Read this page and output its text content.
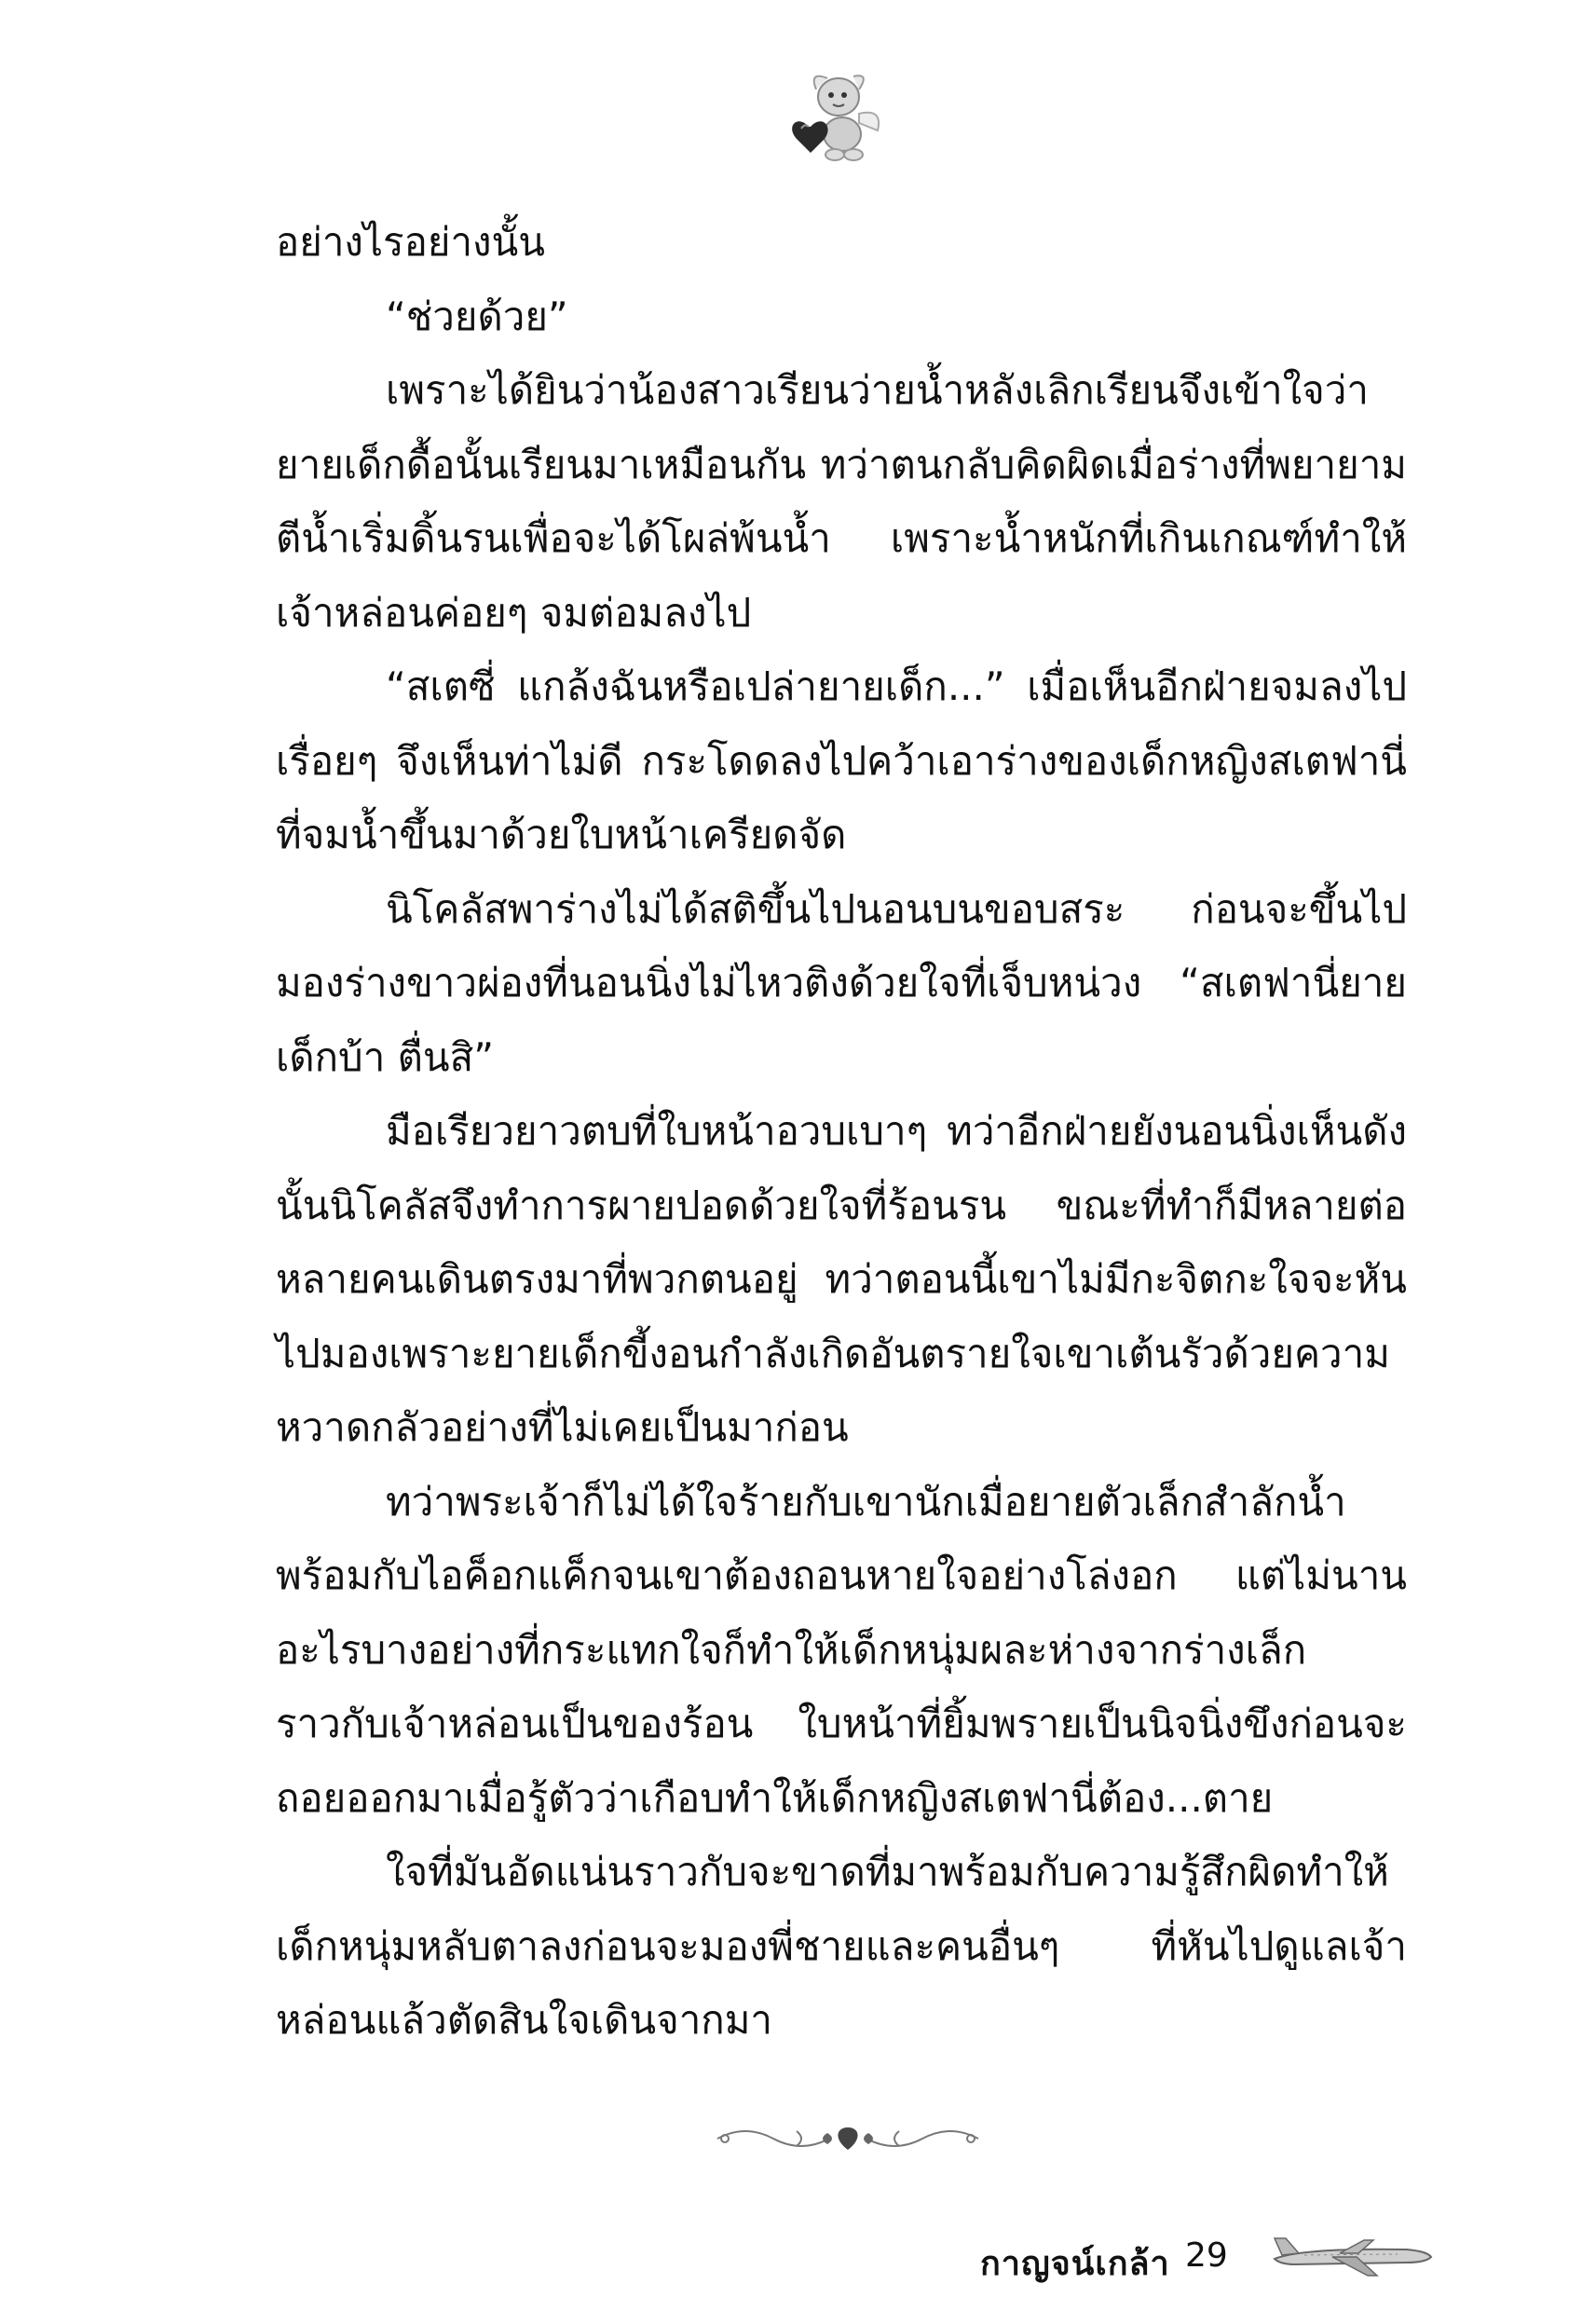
อย่างไรอย่างนั้น

“ช่วยด้วย”

เพราะได้ยินว่าน้องสาวเรียนว่ายน้ำหลังเลิกเรียนจึงเข้าใจว่ายายเด็กดื้อนั้นเรียนมาเหมือนกัน ทว่าตนกลับคิดผิดเมื่อร่างที่พยายามตีน้ำเริ่มดิ้นรนเพื่อจะได้โผล่พ้นน้ำ เพราะน้ำหนักที่เกินเกณฑ์ทำให้เจ้าหล่อนค่อยๆ จมต่อมลงไป

“สเตซี่ แกล้งฉันหรือเปล่ายายเด็ก...” เมื่อเห็นอีกฝ่ายจมลงไปเรื่อยๆ จึงเห็นท่าไม่ดี กระโดดลงไปคว้าเอาร่างของเด็กหญิงสเตฟานี่ที่จมน้ำขึ้นมาด้วยใบหน้าเครียดจัด

นิโคลัสพาร่างไม่ได้สติขึ้นไปนอนบนขอบสระ ก่อนจะขึ้นไปมองร่างขาวผ่องที่นอนนิ่งไม่ไหวติงด้วยใจที่เจ็บหน่วง “สเตฟานี่ยายเด็กบ้า ตื่นสิ”

มือเรียวยาวตบที่ใบหน้าอวบเบาๆ ทว่าอีกฝ่ายยังนอนนิ่งเห็นดังนั้นนิโคลัสจึงทำการผายปอดด้วยใจที่ร้อนรน ขณะที่ทำก็มีหลายต่อหลายคนเดินตรงมาที่พวกตนอยู่ ทว่าตอนนี้เขาไม่มีกะจิตกะใจจะหันไปมองเพราะยายเด็กขี้งอนกำลังเกิดอันตรายใจเขาเต้นรัวด้วยความหวาดกลัวอย่างที่ไม่เคยเป็นมาก่อน

ทว่าพระเจ้าก็ไม่ได้ใจร้ายกับเขานักเมื่อยายตัวเล็กสำลักน้ำพร้อมกับไอค็อกแค็กจนเขาต้องถอนหายใจอย่างโล่งอก แต่ไม่นานอะไรบางอย่างที่กระแทกใจก็ทำให้เด็กหนุ่มผละห่างจากร่างเล็กราวกับเจ้าหล่อนเป็นของร้อน ใบหน้าที่ยิ้มพรายเป็นนิจนิ่งขึงก่อนจะถอยออกมาเมื่อรู้ตัวว่าเกือบทำให้เด็กหญิงสเตฟานี่ต้อง...ตาย

ใจที่มันอัดแน่นราวกับจะขาดที่มาพร้อมกับความรู้สึกผิดทำให้เด็กหนุ่มหลับตาลงก่อนจะมองพี่ชายและคนอื่นๆ ที่หันไปดูแลเจ้าหล่อนแล้วตัดสินใจเดินจากมา

กาญจน์เกล้า 29
